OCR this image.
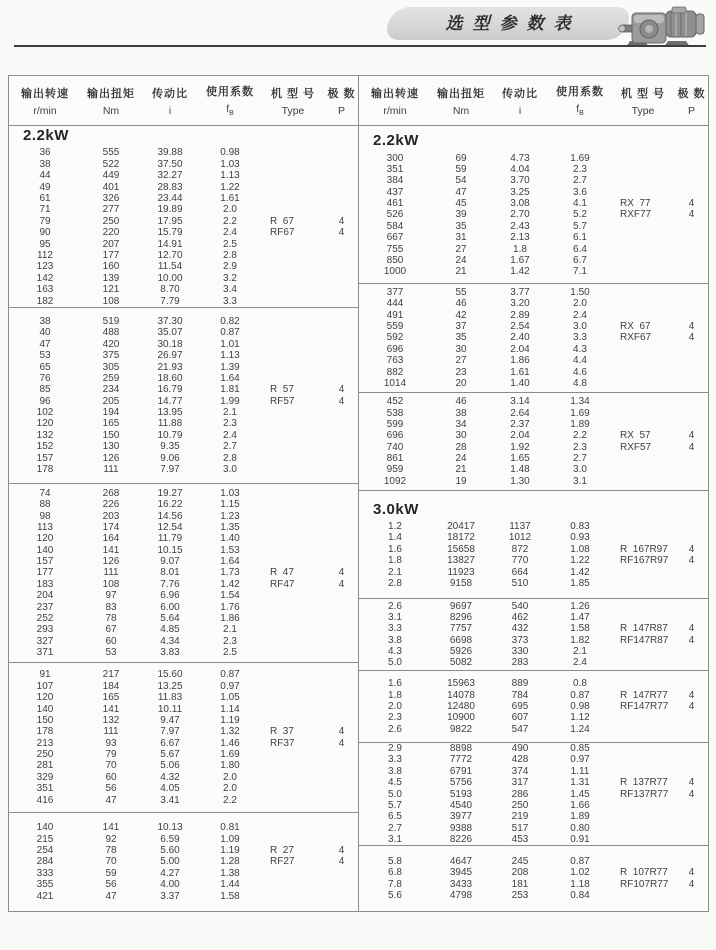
选型参数表
输出转速
r/min
输出扭矩
Nm
传动比
i
使用系数
$f_B$
机 型 号
Type
极 数
P
2.2kW
36	555	39.88	0.98
38	522	37.50	1.03
44	449	32.27	1.13
49	401	28.83	1.22
61	326	23.44	1.61
71	277	19.89	2.0
79	250	17.95	2.2	R  67	4
90	220	15.79	2.4	RF67	4
95	207	14.91	2.5
112	177	12.70	2.8
123	160	11.54	2.9
142	139	10.00	3.2
163	121	8.70	3.4
182	108	7.79	3.3
38	519	37.30	0.82
40	488	35.07	0.87
47	420	30.18	1.01
53	375	26.97	1.13
65	305	21.93	1.39
76	259	18.60	1.64
85	234	16.79	1.81	R  57	4
96	205	14.77	1.99	RF57	4
102	194	13.95	2.1
120	165	11.88	2.3
132	150	10.79	2.4
152	130	9.35	2.7
157	126	9.06	2.8
178	111	7.97	3.0
74	268	19.27	1.03
88	226	16.22	1.15
98	203	14.56	1.23
113	174	12.54	1.35
120	164	11.79	1.40
140	141	10.15	1.53
157	126	9.07	1.64
177	111	8.01	1.73	R  47	4
183	108	7.76	1.42	RF47	4
204	97	6.96	1.54
237	83	6.00	1.76
252	78	5.64	1.86
293	67	4.85	2.1
327	60	4.34	2.3
371	53	3.83	2.5
91	217	15.60	0.87
107	184	13.25	0.97
120	165	11.83	1.05
140	141	10.11	1.14
150	132	9.47	1.19
178	111	7.97	1.32	R  37	4
213	93	6.67	1.46	RF37	4
250	79	5.67	1.69
281	70	5.06	1.80
329	60	4.32	2.0
351	56	4.05	2.0
416	47	3.41	2.2
140	141	10.13	0.81
215	92	6.59	1.09
254	78	5.60	1.19	R  27	4
284	70	5.00	1.28	RF27	4
333	59	4.27	1.38
355	56	4.00	1.44
421	47	3.37	1.58
输出转速
r/min
输出扭矩
Nm
传动比
i
使用系数
$f_B$
机 型 号
Type
极 数
P
2.2kW
300	69	4.73	1.69
351	59	4.04	2.3
384	54	3.70	2.7
437	47	3.25	3.6
461	45	3.08	4.1	RX  77	4
526	39	2.70	5.2	RXF77	4
584	35	2.43	5.7
667	31	2.13	6.1
755	27	1.8	6.4
850	24	1.67	6.7
1000	21	1.42	7.1
377	55	3.77	1.50
444	46	3.20	2.0
491	42	2.89	2.4
559	37	2.54	3.0	RX  67	4
592	35	2.40	3.3	RXF67	4
696	30	2.04	4.3
763	27	1.86	4.4
882	23	1.61	4.6
1014	20	1.40	4.8
452	46	3.14	1.34
538	38	2.64	1.69
599	34	2.37	1.89
696	30	2.04	2.2	RX  57	4
740	28	1.92	2.3	RXF57	4
861	24	1.65	2.7
959	21	1.48	3.0
1092	19	1.30	3.1
3.0kW
1.2	20417	1137	0.83
1.4	18172	1012	0.93
1.6	15658	872	1.08	R  167R97	4
1.8	13827	770	1.22	RF167R97	4
2.1	11923	664	1.42
2.8	9158	510	1.85
2.6	9697	540	1.26
3.1	8296	462	1.47
3.3	7757	432	1.58	R  147R87	4
3.8	6698	373	1.82	RF147R87	4
4.3	5926	330	2.1
5.0	5082	283	2.4
1.6	15963	889	0.8
1.8	14078	784	0.87	R  147R77	4
2.0	12480	695	0.98	RF147R77	4
2.3	10900	607	1.12
2.6	9822	547	1.24
2.9	8898	490	0.85
3.3	7772	428	0.97
3.8	6791	374	1.11
4.5	5756	317	1.31	R  137R77	4
5.0	5193	286	1.45	RF137R77	4
5.7	4540	250	1.66
6.5	3977	219	1.89
2.7	9388	517	0.80
3.1	8226	453	0.91
5.8	4647	245	0.87
6.8	3945	208	1.02	R  107R77	4
7.8	3433	181	1.18	RF107R77	4
5.6	4798	253	0.84
